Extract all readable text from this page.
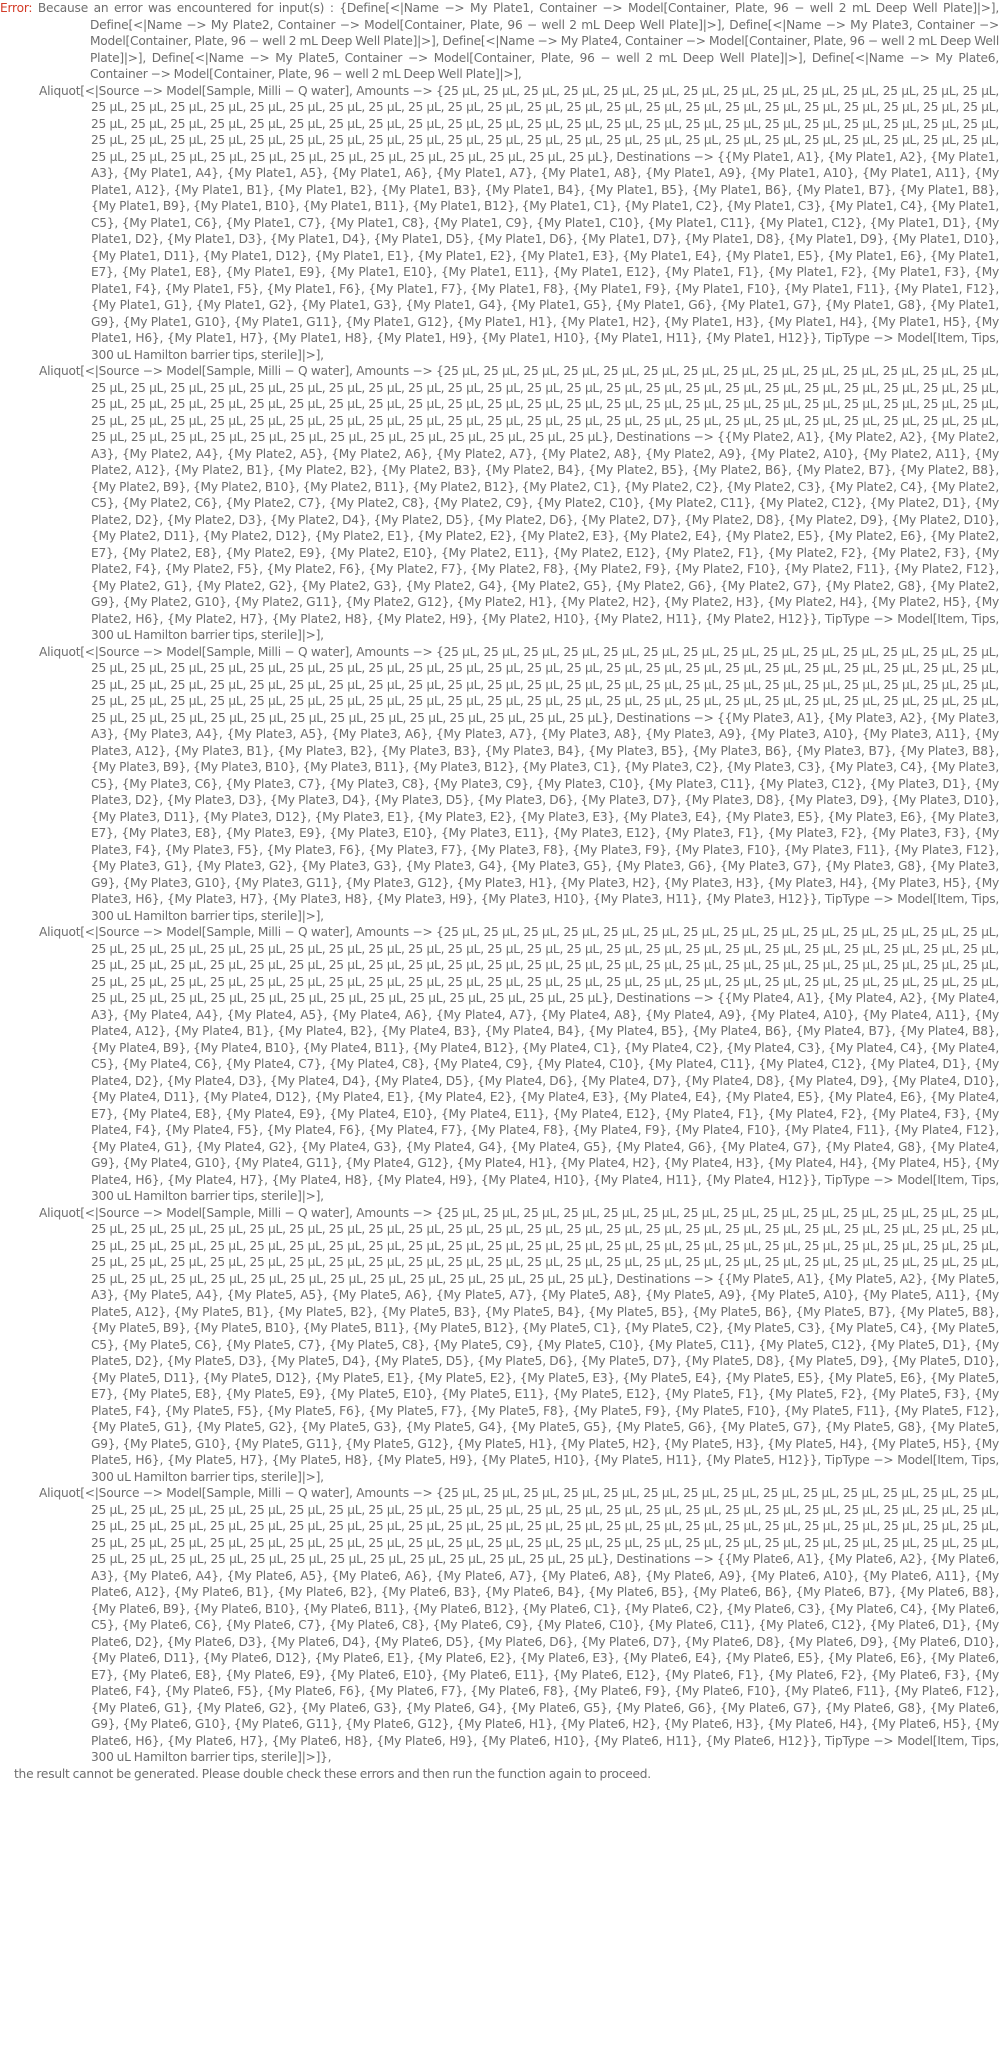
Error: Because an error was encountered for input(s) : {Define[<|Name −> My Plate1, Container −> Model[Container, Plate, 96 − well 2 mL Deep Well Plate]|>], Define[<|Name −> My Plate2, Container −> Model[Container, Plate, 96 − well 2 mL Deep Well Plate]|>], Define[<|Name −> My Plate3, Container −> Model[Container, Plate, 96 − well 2 mL Deep Well Plate]|>], Define[<|Name −> My Plate4, Container −> Model[Container, Plate, 96 − well 2 mL Deep Well Plate]|>], Define[<|Name −> My Plate5, Container −> Model[Container, Plate, 96 − well 2 mL Deep Well Plate]|>], Define[<|Name −> My Plate6, Container −> Model[Container, Plate, 96 − well 2 mL Deep Well Plate]|>],

Aliquot[<|Source −> Model[Sample, Milli − Q water], Amounts −> {25 μL, 25 μL, 25 μL, 25 μL, 25 μL, 25 μL, 25 μL, 25 μL, 25 μL, 25 μL, 25 μL, 25 μL, 25 μL, 25 μL, 25 μL, 25 μL, 25 μL, 25 μL, 25 μL, 25 μL, 25 μL, 25 μL, 25 μL, 25 μL, 25 μL, 25 μL, 25 μL, 25 μL, 25 μL, 25 μL, 25 μL, 25 μL, 25 μL, 25 μL, 25 μL, 25 μL, 25 μL, 25 μL, 25 μL, 25 μL, 25 μL, 25 μL, 25 μL, 25 μL, 25 μL, 25 μL, 25 μL, 25 μL, 25 μL, 25 μL, 25 μL, 25 μL, 25 μL, 25 μL, 25 μL, 25 μL, 25 μL, 25 μL, 25 μL, 25 μL, 25 μL, 25 μL, 25 μL, 25 μL, 25 μL, 25 μL, 25 μL, 25 μL, 25 μL, 25 μL, 25 μL, 25 μL, 25 μL, 25 μL, 25 μL, 25 μL, 25 μL, 25 μL, 25 μL, 25 μL, 25 μL, 25 μL, 25 μL, 25 μL, 25 μL, 25 μL, 25 μL, 25 μL, 25 μL, 25 μL, 25 μL, 25 μL, 25 μL, 25 μL, 25 μL, 25 μL}, Destinations −> {{My Plate1, A1}, {My Plate1, A2}, {My Plate1, A3}, {My Plate1, A4}, {My Plate1, A5}, {My Plate1, A6}, {My Plate1, A7}, {My Plate1, A8}, {My Plate1, A9}, {My Plate1, A10}, {My Plate1, A11}, {My Plate1, A12}, {My Plate1, B1}, {My Plate1, B2}, {My Plate1, B3}, {My Plate1, B4}, {My Plate1, B5}, {My Plate1, B6}, {My Plate1, B7}, {My Plate1, B8}, {My Plate1, B9}, {My Plate1, B10}, {My Plate1, B11}, {My Plate1, B12}, {My Plate1, C1}, {My Plate1, C2}, {My Plate1, C3}, {My Plate1, C4}, {My Plate1, C5}, {My Plate1, C6}, {My Plate1, C7}, {My Plate1, C8}, {My Plate1, C9}, {My Plate1, C10}, {My Plate1, C11}, {My Plate1, C12}, {My Plate1, D1}, {My Plate1, D2}, {My Plate1, D3}, {My Plate1, D4}, {My Plate1, D5}, {My Plate1, D6}, {My Plate1, D7}, {My Plate1, D8}, {My Plate1, D9}, {My Plate1, D10}, {My Plate1, D11}, {My Plate1, D12}, {My Plate1, E1}, {My Plate1, E2}, {My Plate1, E3}, {My Plate1, E4}, {My Plate1, E5}, {My Plate1, E6}, {My Plate1, E7}, {My Plate1, E8}, {My Plate1, E9}, {My Plate1, E10}, {My Plate1, E11}, {My Plate1, E12}, {My Plate1, F1}, {My Plate1, F2}, {My Plate1, F3}, {My Plate1, F4}, {My Plate1, F5}, {My Plate1, F6}, {My Plate1, F7}, {My Plate1, F8}, {My Plate1, F9}, {My Plate1, F10}, {My Plate1, F11}, {My Plate1, F12}, {My Plate1, G1}, {My Plate1, G2}, {My Plate1, G3}, {My Plate1, G4}, {My Plate1, G5}, {My Plate1, G6}, {My Plate1, G7}, {My Plate1, G8}, {My Plate1, G9}, {My Plate1, G10}, {My Plate1, G11}, {My Plate1, G12}, {My Plate1, H1}, {My Plate1, H2}, {My Plate1, H3}, {My Plate1, H4}, {My Plate1, H5}, {My Plate1, H6}, {My Plate1, H7}, {My Plate1, H8}, {My Plate1, H9}, {My Plate1, H10}, {My Plate1, H11}, {My Plate1, H12}}, TipType −> Model[Item, Tips, 300 uL Hamilton barrier tips, sterile]|>],

Aliquot[<|Source −> Model[Sample, Milli − Q water], Amounts −> {25 μL, 25 μL, 25 μL, 25 μL, 25 μL, 25 μL, 25 μL, 25 μL, 25 μL, 25 μL, 25 μL, 25 μL, 25 μL, 25 μL, 25 μL, 25 μL, 25 μL, 25 μL, 25 μL, 25 μL, 25 μL, 25 μL, 25 μL, 25 μL, 25 μL, 25 μL, 25 μL, 25 μL, 25 μL, 25 μL, 25 μL, 25 μL, 25 μL, 25 μL, 25 μL, 25 μL, 25 μL, 25 μL, 25 μL, 25 μL, 25 μL, 25 μL, 25 μL, 25 μL, 25 μL, 25 μL, 25 μL, 25 μL, 25 μL, 25 μL, 25 μL, 25 μL, 25 μL, 25 μL, 25 μL, 25 μL, 25 μL, 25 μL, 25 μL, 25 μL, 25 μL, 25 μL, 25 μL, 25 μL, 25 μL, 25 μL, 25 μL, 25 μL, 25 μL, 25 μL, 25 μL, 25 μL, 25 μL, 25 μL, 25 μL, 25 μL, 25 μL, 25 μL, 25 μL, 25 μL, 25 μL, 25 μL, 25 μL, 25 μL, 25 μL, 25 μL, 25 μL, 25 μL, 25 μL, 25 μL, 25 μL, 25 μL, 25 μL, 25 μL, 25 μL, 25 μL}, Destinations −> {{My Plate2, A1}, {My Plate2, A2}, {My Plate2, A3}, {My Plate2, A4}, {My Plate2, A5}, {My Plate2, A6}, {My Plate2, A7}, {My Plate2, A8}, {My Plate2, A9}, {My Plate2, A10}, {My Plate2, A11}, {My Plate2, A12}, {My Plate2, B1}, {My Plate2, B2}, {My Plate2, B3}, {My Plate2, B4}, {My Plate2, B5}, {My Plate2, B6}, {My Plate2, B7}, {My Plate2, B8}, {My Plate2, B9}, {My Plate2, B10}, {My Plate2, B11}, {My Plate2, B12}, {My Plate2, C1}, {My Plate2, C2}, {My Plate2, C3}, {My Plate2, C4}, {My Plate2, C5}, {My Plate2, C6}, {My Plate2, C7}, {My Plate2, C8}, {My Plate2, C9}, {My Plate2, C10}, {My Plate2, C11}, {My Plate2, C12}, {My Plate2, D1}, {My Plate2, D2}, {My Plate2, D3}, {My Plate2, D4}, {My Plate2, D5}, {My Plate2, D6}, {My Plate2, D7}, {My Plate2, D8}, {My Plate2, D9}, {My Plate2, D10}, {My Plate2, D11}, {My Plate2, D12}, {My Plate2, E1}, {My Plate2, E2}, {My Plate2, E3}, {My Plate2, E4}, {My Plate2, E5}, {My Plate2, E6}, {My Plate2, E7}, {My Plate2, E8}, {My Plate2, E9}, {My Plate2, E10}, {My Plate2, E11}, {My Plate2, E12}, {My Plate2, F1}, {My Plate2, F2}, {My Plate2, F3}, {My Plate2, F4}, {My Plate2, F5}, {My Plate2, F6}, {My Plate2, F7}, {My Plate2, F8}, {My Plate2, F9}, {My Plate2, F10}, {My Plate2, F11}, {My Plate2, F12}, {My Plate2, G1}, {My Plate2, G2}, {My Plate2, G3}, {My Plate2, G4}, {My Plate2, G5}, {My Plate2, G6}, {My Plate2, G7}, {My Plate2, G8}, {My Plate2, G9}, {My Plate2, G10}, {My Plate2, G11}, {My Plate2, G12}, {My Plate2, H1}, {My Plate2, H2}, {My Plate2, H3}, {My Plate2, H4}, {My Plate2, H5}, {My Plate2, H6}, {My Plate2, H7}, {My Plate2, H8}, {My Plate2, H9}, {My Plate2, H10}, {My Plate2, H11}, {My Plate2, H12}}, TipType −> Model[Item, Tips, 300 uL Hamilton barrier tips, sterile]|>],

Aliquot[<|Source −> Model[Sample, Milli − Q water], Amounts −> {25 μL, 25 μL, 25 μL, 25 μL, 25 μL, 25 μL, 25 μL, 25 μL, 25 μL, 25 μL, 25 μL, 25 μL, 25 μL, 25 μL, 25 μL, 25 μL, 25 μL, 25 μL, 25 μL, 25 μL, 25 μL, 25 μL, 25 μL, 25 μL, 25 μL, 25 μL, 25 μL, 25 μL, 25 μL, 25 μL, 25 μL, 25 μL, 25 μL, 25 μL, 25 μL, 25 μL, 25 μL, 25 μL, 25 μL, 25 μL, 25 μL, 25 μL, 25 μL, 25 μL, 25 μL, 25 μL, 25 μL, 25 μL, 25 μL, 25 μL, 25 μL, 25 μL, 25 μL, 25 μL, 25 μL, 25 μL, 25 μL, 25 μL, 25 μL, 25 μL, 25 μL, 25 μL, 25 μL, 25 μL, 25 μL, 25 μL, 25 μL, 25 μL, 25 μL, 25 μL, 25 μL, 25 μL, 25 μL, 25 μL, 25 μL, 25 μL, 25 μL, 25 μL, 25 μL, 25 μL, 25 μL, 25 μL, 25 μL, 25 μL, 25 μL, 25 μL, 25 μL, 25 μL, 25 μL, 25 μL, 25 μL, 25 μL, 25 μL, 25 μL, 25 μL, 25 μL}, Destinations −> {{My Plate3, A1}, {My Plate3, A2}, {My Plate3, A3}, {My Plate3, A4}, {My Plate3, A5}, {My Plate3, A6}, {My Plate3, A7}, {My Plate3, A8}, {My Plate3, A9}, {My Plate3, A10}, {My Plate3, A11}, {My Plate3, A12}, {My Plate3, B1}, {My Plate3, B2}, {My Plate3, B3}, {My Plate3, B4}, {My Plate3, B5}, {My Plate3, B6}, {My Plate3, B7}, {My Plate3, B8}, {My Plate3, B9}, {My Plate3, B10}, {My Plate3, B11}, {My Plate3, B12}, {My Plate3, C1}, {My Plate3, C2}, {My Plate3, C3}, {My Plate3, C4}, {My Plate3, C5}, {My Plate3, C6}, {My Plate3, C7}, {My Plate3, C8}, {My Plate3, C9}, {My Plate3, C10}, {My Plate3, C11}, {My Plate3, C12}, {My Plate3, D1}, {My Plate3, D2}, {My Plate3, D3}, {My Plate3, D4}, {My Plate3, D5}, {My Plate3, D6}, {My Plate3, D7}, {My Plate3, D8}, {My Plate3, D9}, {My Plate3, D10}, {My Plate3, D11}, {My Plate3, D12}, {My Plate3, E1}, {My Plate3, E2}, {My Plate3, E3}, {My Plate3, E4}, {My Plate3, E5}, {My Plate3, E6}, {My Plate3, E7}, {My Plate3, E8}, {My Plate3, E9}, {My Plate3, E10}, {My Plate3, E11}, {My Plate3, E12}, {My Plate3, F1}, {My Plate3, F2}, {My Plate3, F3}, {My Plate3, F4}, {My Plate3, F5}, {My Plate3, F6}, {My Plate3, F7}, {My Plate3, F8}, {My Plate3, F9}, {My Plate3, F10}, {My Plate3, F11}, {My Plate3, F12}, {My Plate3, G1}, {My Plate3, G2}, {My Plate3, G3}, {My Plate3, G4}, {My Plate3, G5}, {My Plate3, G6}, {My Plate3, G7}, {My Plate3, G8}, {My Plate3, G9}, {My Plate3, G10}, {My Plate3, G11}, {My Plate3, G12}, {My Plate3, H1}, {My Plate3, H2}, {My Plate3, H3}, {My Plate3, H4}, {My Plate3, H5}, {My Plate3, H6}, {My Plate3, H7}, {My Plate3, H8}, {My Plate3, H9}, {My Plate3, H10}, {My Plate3, H11}, {My Plate3, H12}}, TipType −> Model[Item, Tips, 300 uL Hamilton barrier tips, sterile]|>],

Aliquot[<|Source −> Model[Sample, Milli − Q water], Amounts −> {25 μL, 25 μL, 25 μL, 25 μL, 25 μL, 25 μL, 25 μL, 25 μL, 25 μL, 25 μL, 25 μL, 25 μL, 25 μL, 25 μL, 25 μL, 25 μL, 25 μL, 25 μL, 25 μL, 25 μL, 25 μL, 25 μL, 25 μL, 25 μL, 25 μL, 25 μL, 25 μL, 25 μL, 25 μL, 25 μL, 25 μL, 25 μL, 25 μL, 25 μL, 25 μL, 25 μL, 25 μL, 25 μL, 25 μL, 25 μL, 25 μL, 25 μL, 25 μL, 25 μL, 25 μL, 25 μL, 25 μL, 25 μL, 25 μL, 25 μL, 25 μL, 25 μL, 25 μL, 25 μL, 25 μL, 25 μL, 25 μL, 25 μL, 25 μL, 25 μL, 25 μL, 25 μL, 25 μL, 25 μL, 25 μL, 25 μL, 25 μL, 25 μL, 25 μL, 25 μL, 25 μL, 25 μL, 25 μL, 25 μL, 25 μL, 25 μL, 25 μL, 25 μL, 25 μL, 25 μL, 25 μL, 25 μL, 25 μL, 25 μL, 25 μL, 25 μL, 25 μL, 25 μL, 25 μL, 25 μL, 25 μL, 25 μL, 25 μL, 25 μL, 25 μL, 25 μL}, Destinations −> {{My Plate4, A1}, {My Plate4, A2}, {My Plate4, A3}, {My Plate4, A4}, {My Plate4, A5}, {My Plate4, A6}, {My Plate4, A7}, {My Plate4, A8}, {My Plate4, A9}, {My Plate4, A10}, {My Plate4, A11}, {My Plate4, A12}, {My Plate4, B1}, {My Plate4, B2}, {My Plate4, B3}, {My Plate4, B4}, {My Plate4, B5}, {My Plate4, B6}, {My Plate4, B7}, {My Plate4, B8}, {My Plate4, B9}, {My Plate4, B10}, {My Plate4, B11}, {My Plate4, B12}, {My Plate4, C1}, {My Plate4, C2}, {My Plate4, C3}, {My Plate4, C4}, {My Plate4, C5}, {My Plate4, C6}, {My Plate4, C7}, {My Plate4, C8}, {My Plate4, C9}, {My Plate4, C10}, {My Plate4, C11}, {My Plate4, C12}, {My Plate4, D1}, {My Plate4, D2}, {My Plate4, D3}, {My Plate4, D4}, {My Plate4, D5}, {My Plate4, D6}, {My Plate4, D7}, {My Plate4, D8}, {My Plate4, D9}, {My Plate4, D10}, {My Plate4, D11}, {My Plate4, D12}, {My Plate4, E1}, {My Plate4, E2}, {My Plate4, E3}, {My Plate4, E4}, {My Plate4, E5}, {My Plate4, E6}, {My Plate4, E7}, {My Plate4, E8}, {My Plate4, E9}, {My Plate4, E10}, {My Plate4, E11}, {My Plate4, E12}, {My Plate4, F1}, {My Plate4, F2}, {My Plate4, F3}, {My Plate4, F4}, {My Plate4, F5}, {My Plate4, F6}, {My Plate4, F7}, {My Plate4, F8}, {My Plate4, F9}, {My Plate4, F10}, {My Plate4, F11}, {My Plate4, F12}, {My Plate4, G1}, {My Plate4, G2}, {My Plate4, G3}, {My Plate4, G4}, {My Plate4, G5}, {My Plate4, G6}, {My Plate4, G7}, {My Plate4, G8}, {My Plate4, G9}, {My Plate4, G10}, {My Plate4, G11}, {My Plate4, G12}, {My Plate4, H1}, {My Plate4, H2}, {My Plate4, H3}, {My Plate4, H4}, {My Plate4, H5}, {My Plate4, H6}, {My Plate4, H7}, {My Plate4, H8}, {My Plate4, H9}, {My Plate4, H10}, {My Plate4, H11}, {My Plate4, H12}}, TipType −> Model[Item, Tips, 300 uL Hamilton barrier tips, sterile]|>],

Aliquot[<|Source −> Model[Sample, Milli − Q water], Amounts −> {25 μL, 25 μL, 25 μL, 25 μL, 25 μL, 25 μL, 25 μL, 25 μL, 25 μL, 25 μL, 25 μL, 25 μL, 25 μL, 25 μL, 25 μL, 25 μL, 25 μL, 25 μL, 25 μL, 25 μL, 25 μL, 25 μL, 25 μL, 25 μL, 25 μL, 25 μL, 25 μL, 25 μL, 25 μL, 25 μL, 25 μL, 25 μL, 25 μL, 25 μL, 25 μL, 25 μL, 25 μL, 25 μL, 25 μL, 25 μL, 25 μL, 25 μL, 25 μL, 25 μL, 25 μL, 25 μL, 25 μL, 25 μL, 25 μL, 25 μL, 25 μL, 25 μL, 25 μL, 25 μL, 25 μL, 25 μL, 25 μL, 25 μL, 25 μL, 25 μL, 25 μL, 25 μL, 25 μL, 25 μL, 25 μL, 25 μL, 25 μL, 25 μL, 25 μL, 25 μL, 25 μL, 25 μL, 25 μL, 25 μL, 25 μL, 25 μL, 25 μL, 25 μL, 25 μL, 25 μL, 25 μL, 25 μL, 25 μL, 25 μL, 25 μL, 25 μL, 25 μL, 25 μL, 25 μL, 25 μL, 25 μL, 25 μL, 25 μL, 25 μL, 25 μL, 25 μL}, Destinations −> {{My Plate5, A1}, {My Plate5, A2}, {My Plate5, A3}, {My Plate5, A4}, {My Plate5, A5}, {My Plate5, A6}, {My Plate5, A7}, {My Plate5, A8}, {My Plate5, A9}, {My Plate5, A10}, {My Plate5, A11}, {My Plate5, A12}, {My Plate5, B1}, {My Plate5, B2}, {My Plate5, B3}, {My Plate5, B4}, {My Plate5, B5}, {My Plate5, B6}, {My Plate5, B7}, {My Plate5, B8}, {My Plate5, B9}, {My Plate5, B10}, {My Plate5, B11}, {My Plate5, B12}, {My Plate5, C1}, {My Plate5, C2}, {My Plate5, C3}, {My Plate5, C4}, {My Plate5, C5}, {My Plate5, C6}, {My Plate5, C7}, {My Plate5, C8}, {My Plate5, C9}, {My Plate5, C10}, {My Plate5, C11}, {My Plate5, C12}, {My Plate5, D1}, {My Plate5, D2}, {My Plate5, D3}, {My Plate5, D4}, {My Plate5, D5}, {My Plate5, D6}, {My Plate5, D7}, {My Plate5, D8}, {My Plate5, D9}, {My Plate5, D10}, {My Plate5, D11}, {My Plate5, D12}, {My Plate5, E1}, {My Plate5, E2}, {My Plate5, E3}, {My Plate5, E4}, {My Plate5, E5}, {My Plate5, E6}, {My Plate5, E7}, {My Plate5, E8}, {My Plate5, E9}, {My Plate5, E10}, {My Plate5, E11}, {My Plate5, E12}, {My Plate5, F1}, {My Plate5, F2}, {My Plate5, F3}, {My Plate5, F4}, {My Plate5, F5}, {My Plate5, F6}, {My Plate5, F7}, {My Plate5, F8}, {My Plate5, F9}, {My Plate5, F10}, {My Plate5, F11}, {My Plate5, F12}, {My Plate5, G1}, {My Plate5, G2}, {My Plate5, G3}, {My Plate5, G4}, {My Plate5, G5}, {My Plate5, G6}, {My Plate5, G7}, {My Plate5, G8}, {My Plate5, G9}, {My Plate5, G10}, {My Plate5, G11}, {My Plate5, G12}, {My Plate5, H1}, {My Plate5, H2}, {My Plate5, H3}, {My Plate5, H4}, {My Plate5, H5}, {My Plate5, H6}, {My Plate5, H7}, {My Plate5, H8}, {My Plate5, H9}, {My Plate5, H10}, {My Plate5, H11}, {My Plate5, H12}}, TipType −> Model[Item, Tips, 300 uL Hamilton barrier tips, sterile]|>],

Aliquot[<|Source −> Model[Sample, Milli − Q water], Amounts −> {25 μL, 25 μL, 25 μL, 25 μL, 25 μL, 25 μL, 25 μL, 25 μL, 25 μL, 25 μL, 25 μL, 25 μL, 25 μL, 25 μL, 25 μL, 25 μL, 25 μL, 25 μL, 25 μL, 25 μL, 25 μL, 25 μL, 25 μL, 25 μL, 25 μL, 25 μL, 25 μL, 25 μL, 25 μL, 25 μL, 25 μL, 25 μL, 25 μL, 25 μL, 25 μL, 25 μL, 25 μL, 25 μL, 25 μL, 25 μL, 25 μL, 25 μL, 25 μL, 25 μL, 25 μL, 25 μL, 25 μL, 25 μL, 25 μL, 25 μL, 25 μL, 25 μL, 25 μL, 25 μL, 25 μL, 25 μL, 25 μL, 25 μL, 25 μL, 25 μL, 25 μL, 25 μL, 25 μL, 25 μL, 25 μL, 25 μL, 25 μL, 25 μL, 25 μL, 25 μL, 25 μL, 25 μL, 25 μL, 25 μL, 25 μL, 25 μL, 25 μL, 25 μL, 25 μL, 25 μL, 25 μL, 25 μL, 25 μL, 25 μL, 25 μL, 25 μL, 25 μL, 25 μL, 25 μL, 25 μL, 25 μL, 25 μL, 25 μL, 25 μL, 25 μL, 25 μL}, Destinations −> {{My Plate6, A1}, {My Plate6, A2}, {My Plate6, A3}, {My Plate6, A4}, {My Plate6, A5}, {My Plate6, A6}, {My Plate6, A7}, {My Plate6, A8}, {My Plate6, A9}, {My Plate6, A10}, {My Plate6, A11}, {My Plate6, A12}, {My Plate6, B1}, {My Plate6, B2}, {My Plate6, B3}, {My Plate6, B4}, {My Plate6, B5}, {My Plate6, B6}, {My Plate6, B7}, {My Plate6, B8}, {My Plate6, B9}, {My Plate6, B10}, {My Plate6, B11}, {My Plate6, B12}, {My Plate6, C1}, {My Plate6, C2}, {My Plate6, C3}, {My Plate6, C4}, {My Plate6, C5}, {My Plate6, C6}, {My Plate6, C7}, {My Plate6, C8}, {My Plate6, C9}, {My Plate6, C10}, {My Plate6, C11}, {My Plate6, C12}, {My Plate6, D1}, {My Plate6, D2}, {My Plate6, D3}, {My Plate6, D4}, {My Plate6, D5}, {My Plate6, D6}, {My Plate6, D7}, {My Plate6, D8}, {My Plate6, D9}, {My Plate6, D10}, {My Plate6, D11}, {My Plate6, D12}, {My Plate6, E1}, {My Plate6, E2}, {My Plate6, E3}, {My Plate6, E4}, {My Plate6, E5}, {My Plate6, E6}, {My Plate6, E7}, {My Plate6, E8}, {My Plate6, E9}, {My Plate6, E10}, {My Plate6, E11}, {My Plate6, E12}, {My Plate6, F1}, {My Plate6, F2}, {My Plate6, F3}, {My Plate6, F4}, {My Plate6, F5}, {My Plate6, F6}, {My Plate6, F7}, {My Plate6, F8}, {My Plate6, F9}, {My Plate6, F10}, {My Plate6, F11}, {My Plate6, F12}, {My Plate6, G1}, {My Plate6, G2}, {My Plate6, G3}, {My Plate6, G4}, {My Plate6, G5}, {My Plate6, G6}, {My Plate6, G7}, {My Plate6, G8}, {My Plate6, G9}, {My Plate6, G10}, {My Plate6, G11}, {My Plate6, G12}, {My Plate6, H1}, {My Plate6, H2}, {My Plate6, H3}, {My Plate6, H4}, {My Plate6, H5}, {My Plate6, H6}, {My Plate6, H7}, {My Plate6, H8}, {My Plate6, H9}, {My Plate6, H10}, {My Plate6, H11}, {My Plate6, H12}}, TipType −> Model[Item, Tips, 300 uL Hamilton barrier tips, sterile]|>]},

the result cannot be generated. Please double check these errors and then run the function again to proceed.
